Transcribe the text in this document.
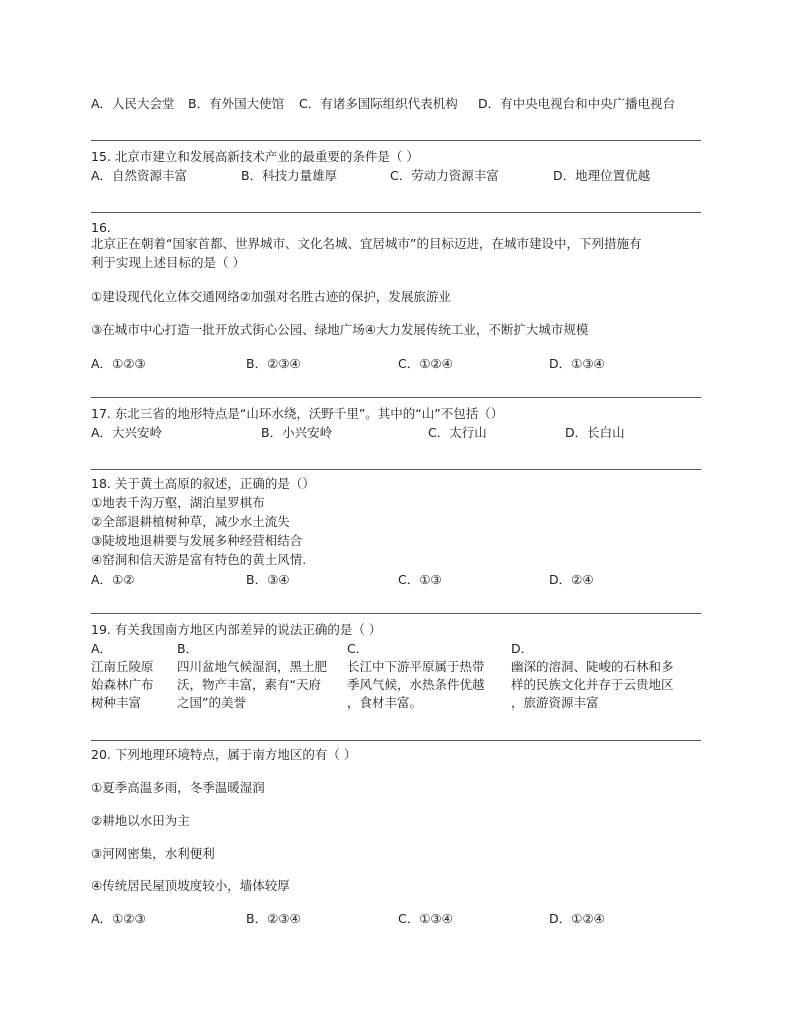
A．人民大会堂 B．有外国大使馆 C．有诸多国际组织代表机构 D．有中央电视台和中央广播电视台
15. 北京市建立和发展高新技术产业的最重要的条件是（ ）
A．自然资源丰富	B．科技力量雄厚	C．劳动力资源丰富	D．地理位置优越
16.
北京正在朝着“国家首都、世界城市、文化名城、宜居城市”的目标迈进，在城市建设中，下列措施有
利于实现上述目标的是（ ）
①建设现代化立体交通网络②加强对名胜古迹的保护，发展旅游业
③在城市中心打造一批开放式街心公园、绿地广场④大力发展传统工业，不断扩大城市规模
A．①②③	B．②③④	C．①②④	D．①③④
17. 东北三省的地形特点是“山环水绕，沃野千里”。其中的“山”不包括（）
A．大兴安岭	B．小兴安岭	C．太行山	D．长白山
18. 关于黄土高原的叙述，正确的是（）
①地表千沟万壑，湖泊星罗棋布
②全部退耕植树种草，减少水土流失
③陡坡地退耕要与发展多种经营相结合
④窑洞和信天游是富有特色的黄土风情.
A．①②	B．③④	C．①③	D．②④
19. 有关我国南方地区内部差异的说法正确的是（ ）
A．
江南丘陵原
始森林广布
树种丰富
B．
四川盆地气候湿润，黑土肥
沃，物产丰富，素有“天府
之国”的美誉
C．
长江中下游平原属于热带
季风气候，水热条件优越
，食材丰富。
D．
幽深的溶洞、陡峻的石林和多
样的民族文化并存于云贵地区
，旅游资源丰富
20. 下列地理环境特点，属于南方地区的有（ ）
①夏季高温多雨，冬季温暖湿润
②耕地以水田为主
③河网密集，水利便利
④传统居民屋顶坡度较小，墙体较厚
A．①②③	B．②③④	C．①③④	D．①②④
